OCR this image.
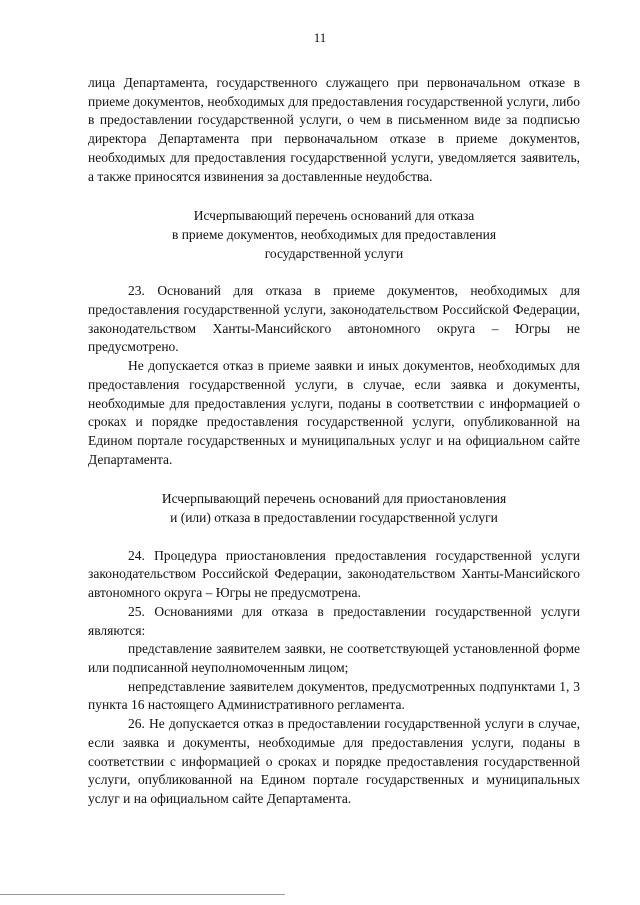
11

лица Департамента, государственного служащего при первоначальном отказе в приеме документов, необходимых для предоставления государственной услуги, либо в предоставлении государственной услуги, о чем в письменном виде за подписью директора Департамента при первоначальном отказе в приеме документов, необходимых для предоставления государственной услуги, уведомляется заявитель, а также приносятся извинения за доставленные неудобства.

Исчерпывающий перечень оснований для отказа

в приеме документов, необходимых для предоставления

государственной услуги

23. Оснований для отказа в приеме документов, необходимых для предоставления государственной услуги, законодательством Российской Федерации, законодательством Ханты-Мансийского автономного округа – Югры не предусмотрено.

Не допускается отказ в приеме заявки и иных документов, необходимых для предоставления государственной услуги, в случае, если заявка и документы, необходимые для предоставления услуги, поданы в соответствии с информацией о сроках и порядке предоставления государственной услуги, опубликованной на Едином портале государственных и муниципальных услуг и на официальном сайте Департамента.

Исчерпывающий перечень оснований для приостановления

и (или) отказа в предоставлении государственной услуги

24. Процедура приостановления предоставления государственной услуги законодательством Российской Федерации, законодательством Ханты-Мансийского автономного округа – Югры не предусмотрена.

25. Основаниями для отказа в предоставлении государственной услуги являются:

представление заявителем заявки, не соответствующей установленной форме или подписанной неуполномоченным лицом;

непредставление заявителем документов, предусмотренных подпунктами 1, 3 пункта 16 настоящего Административного регламента.

26. Не допускается отказ в предоставлении государственной услуги в случае, если заявка и документы, необходимые для предоставления услуги, поданы в соответствии с информацией о сроках и порядке предоставления государственной услуги, опубликованной на Едином портале государственных и муниципальных услуг и на официальном сайте Департамента.
